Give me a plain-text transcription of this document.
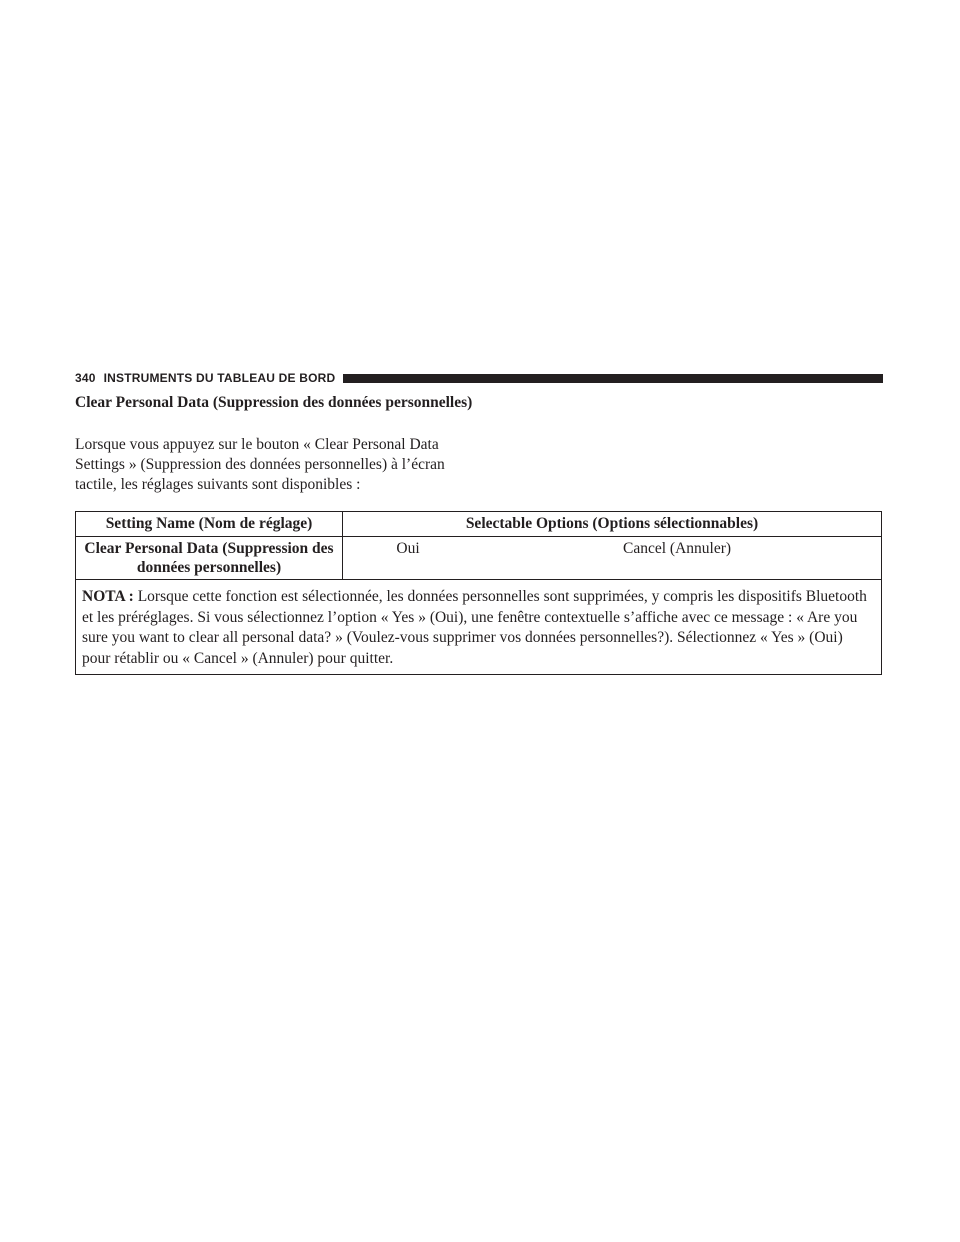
340 INSTRUMENTS DU TABLEAU DE BORD
Clear Personal Data (Suppression des données personnelles)

Lorsque vous appuyez sur le bouton « Clear Personal Data Settings » (Suppression des données personnelles) à l’écran tactile, les réglages suivants sont disponibles :

Setting Name (Nom de réglage)	Selectable Options (Options sélectionnables)	
Clear Personal Data (Suppression des données personnelles)	Oui	Cancel (Annuler)
NOTA : Lorsque cette fonction est sélectionnée, les données personnelles sont supprimées, y compris les dispositifs Bluetooth et les préréglages. Si vous sélectionnez l’option « Yes » (Oui), une fenêtre contextuelle s’affiche avec ce message : « Are you sure you want to clear all personal data? » (Voulez-vous supprimer vos données personnelles?). Sélectionnez « Yes » (Oui) pour rétablir ou « Cancel » (Annuler) pour quitter.		
